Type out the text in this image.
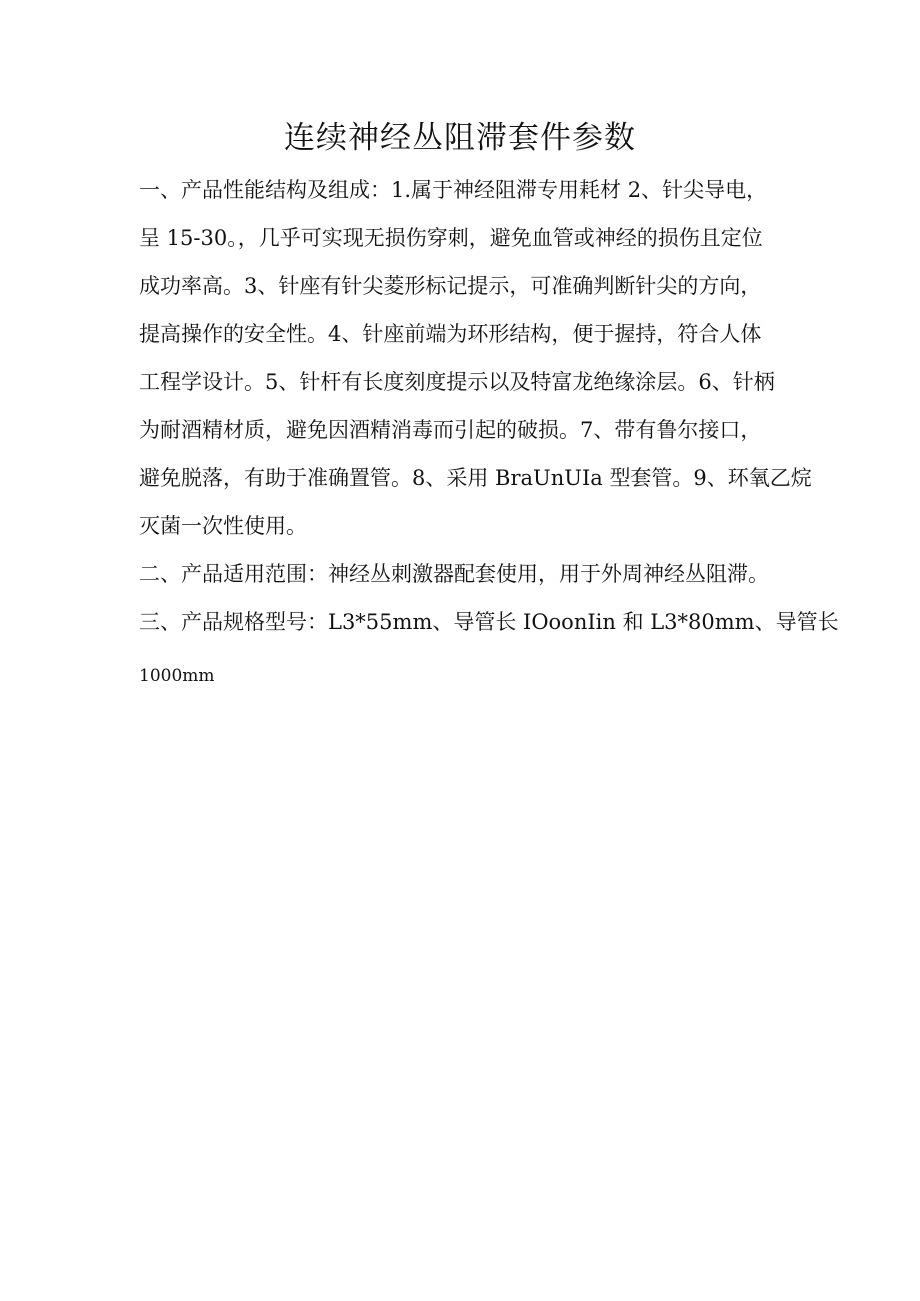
连续神经丛阻滞套件参数
一、产品性能结构及组成：1.属于神经阻滞专用耗材 2、针尖导电，
呈 15-30。，几乎可实现无损伤穿刺，避免血管或神经的损伤且定位
成功率高。3、针座有针尖菱形标记提示，可准确判断针尖的方向，
提高操作的安全性。4、针座前端为环形结构，便于握持，符合人体
工程学设计。5、针杆有长度刻度提示以及特富龙绝缘涂层。6、针柄
为耐酒精材质，避免因酒精消毒而引起的破损。7、带有鲁尔接口，
避免脱落，有助于准确置管。8、采用 BraUnUIa 型套管。9、环氧乙烷
灭菌一次性使用。
二、产品适用范围：神经丛刺激器配套使用，用于外周神经丛阻滞。
三、产品规格型号：L3*55mm、导管长 IOoonIin 和 L3*80mm、导管长
1000mm
